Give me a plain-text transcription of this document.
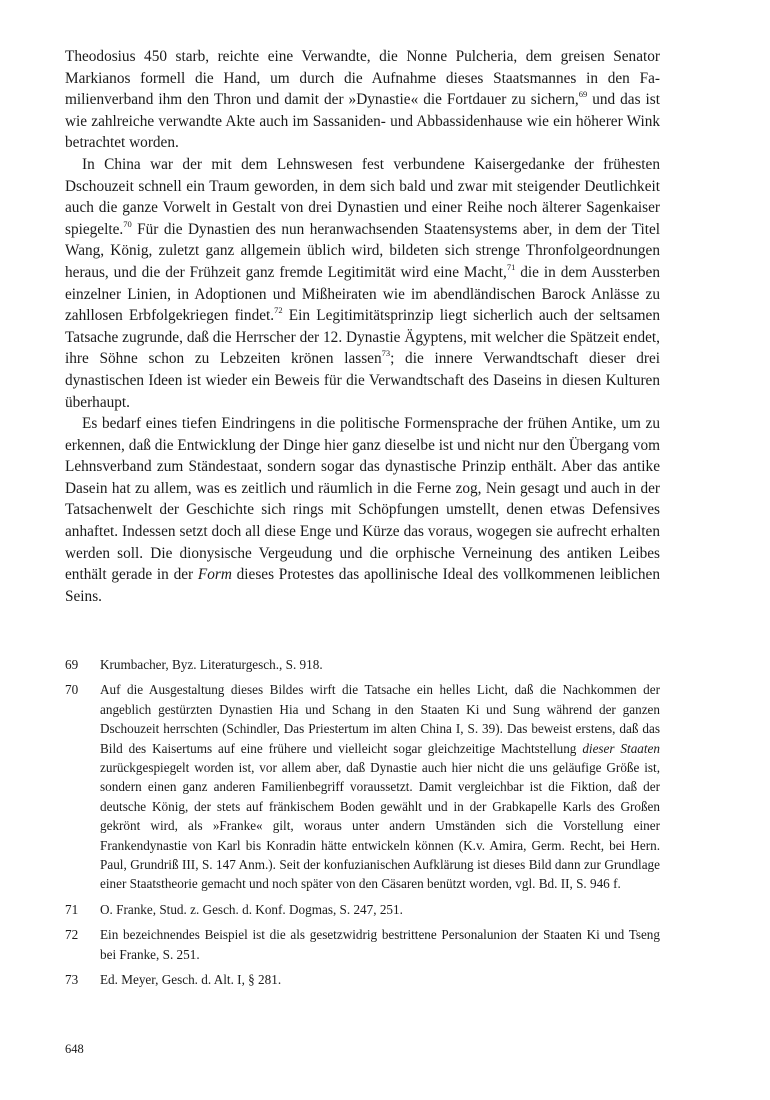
Theodosius 450 starb, reichte eine Verwandte, die Nonne Pulcheria, dem greisen Senator Markianos formell die Hand, um durch die Aufnahme dieses Staatsmannes in den Familienverband ihm den Thron und damit der »Dynastie« die Fortdauer zu sichern,$^{69}$ und das ist wie zahlreiche verwandte Akte auch im Sassaniden- und Abbassidenhause wie ein höherer Wink betrachtet worden.

In China war der mit dem Lehnswesen fest verbundene Kaisergedanke der frühesten Dschouzeit schnell ein Traum geworden, in dem sich bald und zwar mit steigender Deutlichkeit auch die ganze Vorwelt in Gestalt von drei Dynastien und einer Reihe noch älterer Sagenkaiser spiegelte.$^{70}$ Für die Dynastien des nun heranwachsenden Staatensystems aber, in dem der Titel Wang, König, zuletzt ganz allgemein üblich wird, bildeten sich strenge Thronfolgeordnungen heraus, und die der Frühzeit ganz fremde Legitimität wird eine Macht,$^{71}$ die in dem Aussterben einzelner Linien, in Adoptionen und Mißheiraten wie im abendländischen Barock Anlässe zu zahllosen Erbfolgekriegen findet.$^{72}$ Ein Legitimitätsprinzip liegt sicherlich auch der seltsamen Tatsache zugrunde, daß die Herrscher der 12. Dynastie Ägyptens, mit welcher die Spätzeit endet, ihre Söhne schon zu Lebzeiten krönen lassen$^{73}$; die innere Verwandtschaft dieser drei dynastischen Ideen ist wieder ein Beweis für die Verwandtschaft des Daseins in diesen Kulturen überhaupt.

Es bedarf eines tiefen Eindringens in die politische Formensprache der frühen Antike, um zu erkennen, daß die Entwicklung der Dinge hier ganz dieselbe ist und nicht nur den Übergang vom Lehnsverband zum Ständestaat, sondern sogar das dynastische Prinzip enthält. Aber das antike Dasein hat zu allem, was es zeitlich und räumlich in die Ferne zog, Nein gesagt und auch in der Tatsachenwelt der Geschichte sich rings mit Schöpfungen umstellt, denen etwas Defensives anhaftet. Indessen setzt doch all diese Enge und Kürze das voraus, wogegen sie aufrecht erhalten werden soll. Die dionysische Vergeudung und die orphische Verneinung des antiken Leibes enthält gerade in der Form dieses Protestes das apollinische Ideal des vollkommenen leiblichen Seins.

69	Krumbacher, Byz. Literaturgesch., S. 918.
70	Auf die Ausgestaltung dieses Bildes wirft die Tatsache ein helles Licht, daß die Nachkommen der angeblich gestürzten Dynastien Hia und Schang in den Staaten Ki und Sung während der ganzen Dschouzeit herrschten (Schindler, Das Priestertum im alten China I, S. 39). Das beweist erstens, daß das Bild des Kaisertums auf eine frühere und vielleicht sogar gleichzeitige Machtstellung dieser Staaten zurückgespiegelt worden ist, vor allem aber, daß Dynastie auch hier nicht die uns geläufige Größe ist, sondern einen ganz anderen Familienbegriff voraussetzt. Damit vergleichbar ist die Fiktion, daß der deutsche König, der stets auf fränkischem Boden gewählt und in der Grabkapelle Karls des Großen gekrönt wird, als »Franke« gilt, woraus unter andern Umständen sich die Vorstellung einer Frankendynastie von Karl bis Konradin hätte entwickeln können (K.v. Amira, Germ. Recht, bei Hern. Paul, Grundriß III, S. 147 Anm.). Seit der konfuzianischen Aufklärung ist dieses Bild dann zur Grundlage einer Staatstheorie gemacht und noch später von den Cäsaren benützt worden, vgl. Bd. II, S. 946 f.
71	O. Franke, Stud. z. Gesch. d. Konf. Dogmas, S. 247, 251.
72	Ein bezeichnendes Beispiel ist die als gesetzwidrig bestrittene Personalunion der Staaten Ki und Tseng bei Franke, S. 251.
73	Ed. Meyer, Gesch. d. Alt. I, § 281.
648
